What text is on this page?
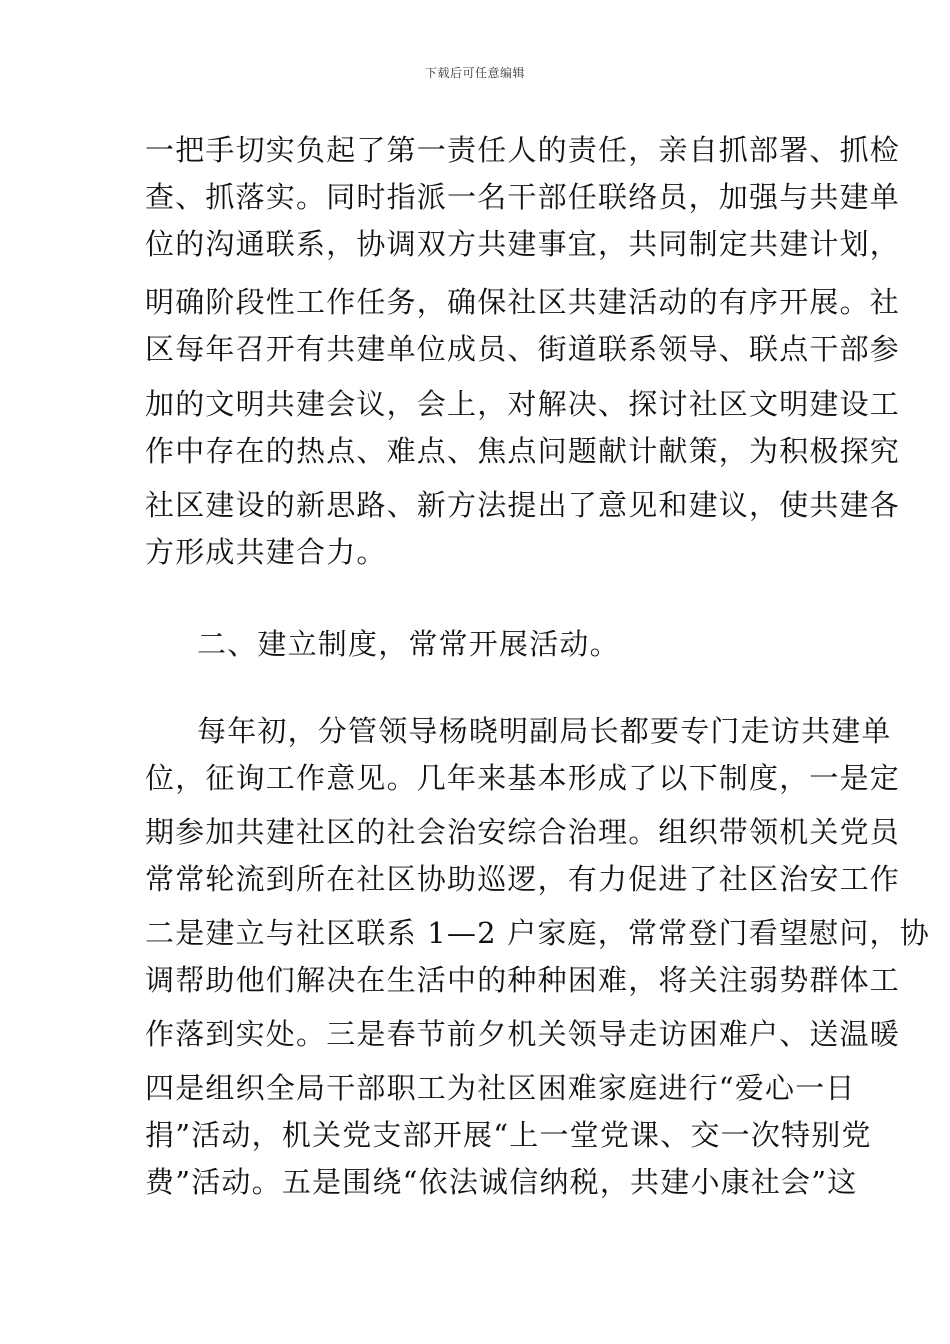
下载后可任意编辑
一把手切实负起了第一责任人的责任，亲自抓部署、抓检
查、抓落实。同时指派一名干部任联络员，加强与共建单
位的沟通联系，协调双方共建事宜，共同制定共建计划，
明确阶段性工作任务，确保社区共建活动的有序开展。社
区每年召开有共建单位成员、街道联系领导、联点干部参
加的文明共建会议，会上，对解决、探讨社区文明建设工
作中存在的热点、难点、焦点问题献计献策，为积极探究
社区建设的新思路、新方法提出了意见和建议，使共建各
方形成共建合力。
二、建立制度，常常开展活动。
每年初，分管领导杨晓明副局长都要专门走访共建单
位，征询工作意见。几年来基本形成了以下制度，一是定
期参加共建社区的社会治安综合治理。组织带领机关党员
常常轮流到所在社区协助巡逻，有力促进了社区治安工作
二是建立与社区联系 1—2 户家庭，常常登门看望慰问，协
调帮助他们解决在生活中的种种困难，将关注弱势群体工
作落到实处。三是春节前夕机关领导走访困难户、送温暖
四是组织全局干部职工为社区困难家庭进行“爱心一日
捐”活动，机关党支部开展“上一堂党课、交一次特别党
费”活动。五是围绕“依法诚信纳税，共建小康社会”这
